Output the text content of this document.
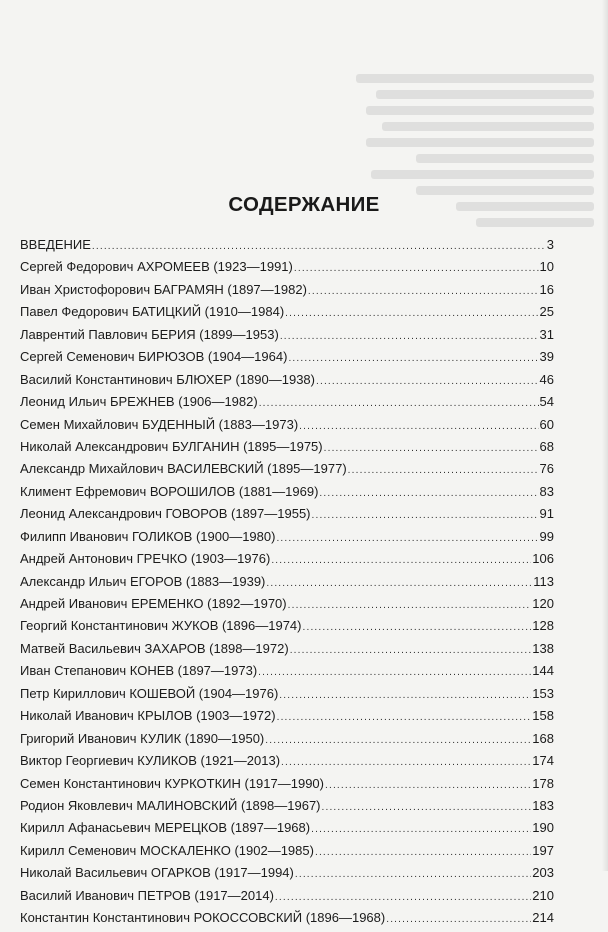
СОДЕРЖАНИЕ
ВВЕДЕНИЕ .....	3
Сергей Федорович АХРОМЕЕВ (1923—1991) .....	10
Иван Христофорович БАГРАМЯН (1897—1982) .....	16
Павел Федорович БАТИЦКИЙ (1910—1984) .....	25
Лаврентий Павлович БЕРИЯ (1899—1953) .....	31
Сергей Семенович БИРЮЗОВ (1904—1964) .....	39
Василий Константинович БЛЮХЕР (1890—1938) .....	46
Леонид Ильич БРЕЖНЕВ (1906—1982) .....	54
Семен Михайлович БУДЕННЫЙ (1883—1973) .....	60
Николай Александрович БУЛГАНИН (1895—1975) .....	68
Александр Михайлович ВАСИЛЕВСКИЙ (1895—1977) .....	76
Климент Ефремович ВОРОШИЛОВ (1881—1969) .....	83
Леонид Александрович ГОВОРОВ (1897—1955) .....	91
Филипп Иванович ГОЛИКОВ (1900—1980) .....	99
Андрей Антонович ГРЕЧКО (1903—1976) .....	106
Александр Ильич ЕГОРОВ (1883—1939) .....	113
Андрей Иванович ЕРЕМЕНКО (1892—1970) .....	120
Георгий Константинович ЖУКОВ (1896—1974) .....	128
Матвей Васильевич ЗАХАРОВ (1898—1972) .....	138
Иван Степанович КОНЕВ (1897—1973) .....	144
Петр Кириллович КОШЕВОЙ (1904—1976) .....	153
Николай Иванович КРЫЛОВ (1903—1972) .....	158
Григорий Иванович КУЛИК (1890—1950) .....	168
Виктор Георгиевич КУЛИКОВ (1921—2013) .....	174
Семен Константинович КУРКОТКИН (1917—1990) .....	178
Родион Яковлевич МАЛИНОВСКИЙ (1898—1967) .....	183
Кирилл Афанасьевич МЕРЕЦКОВ (1897—1968) .....	190
Кирилл Семенович МОСКАЛЕНКО (1902—1985) .....	197
Николай Васильевич ОГАРКОВ (1917—1994) .....	203
Василий Иванович ПЕТРОВ (1917—2014) .....	210
Константин Константинович РОКОССОВСКИЙ (1896—1968) .....	214
